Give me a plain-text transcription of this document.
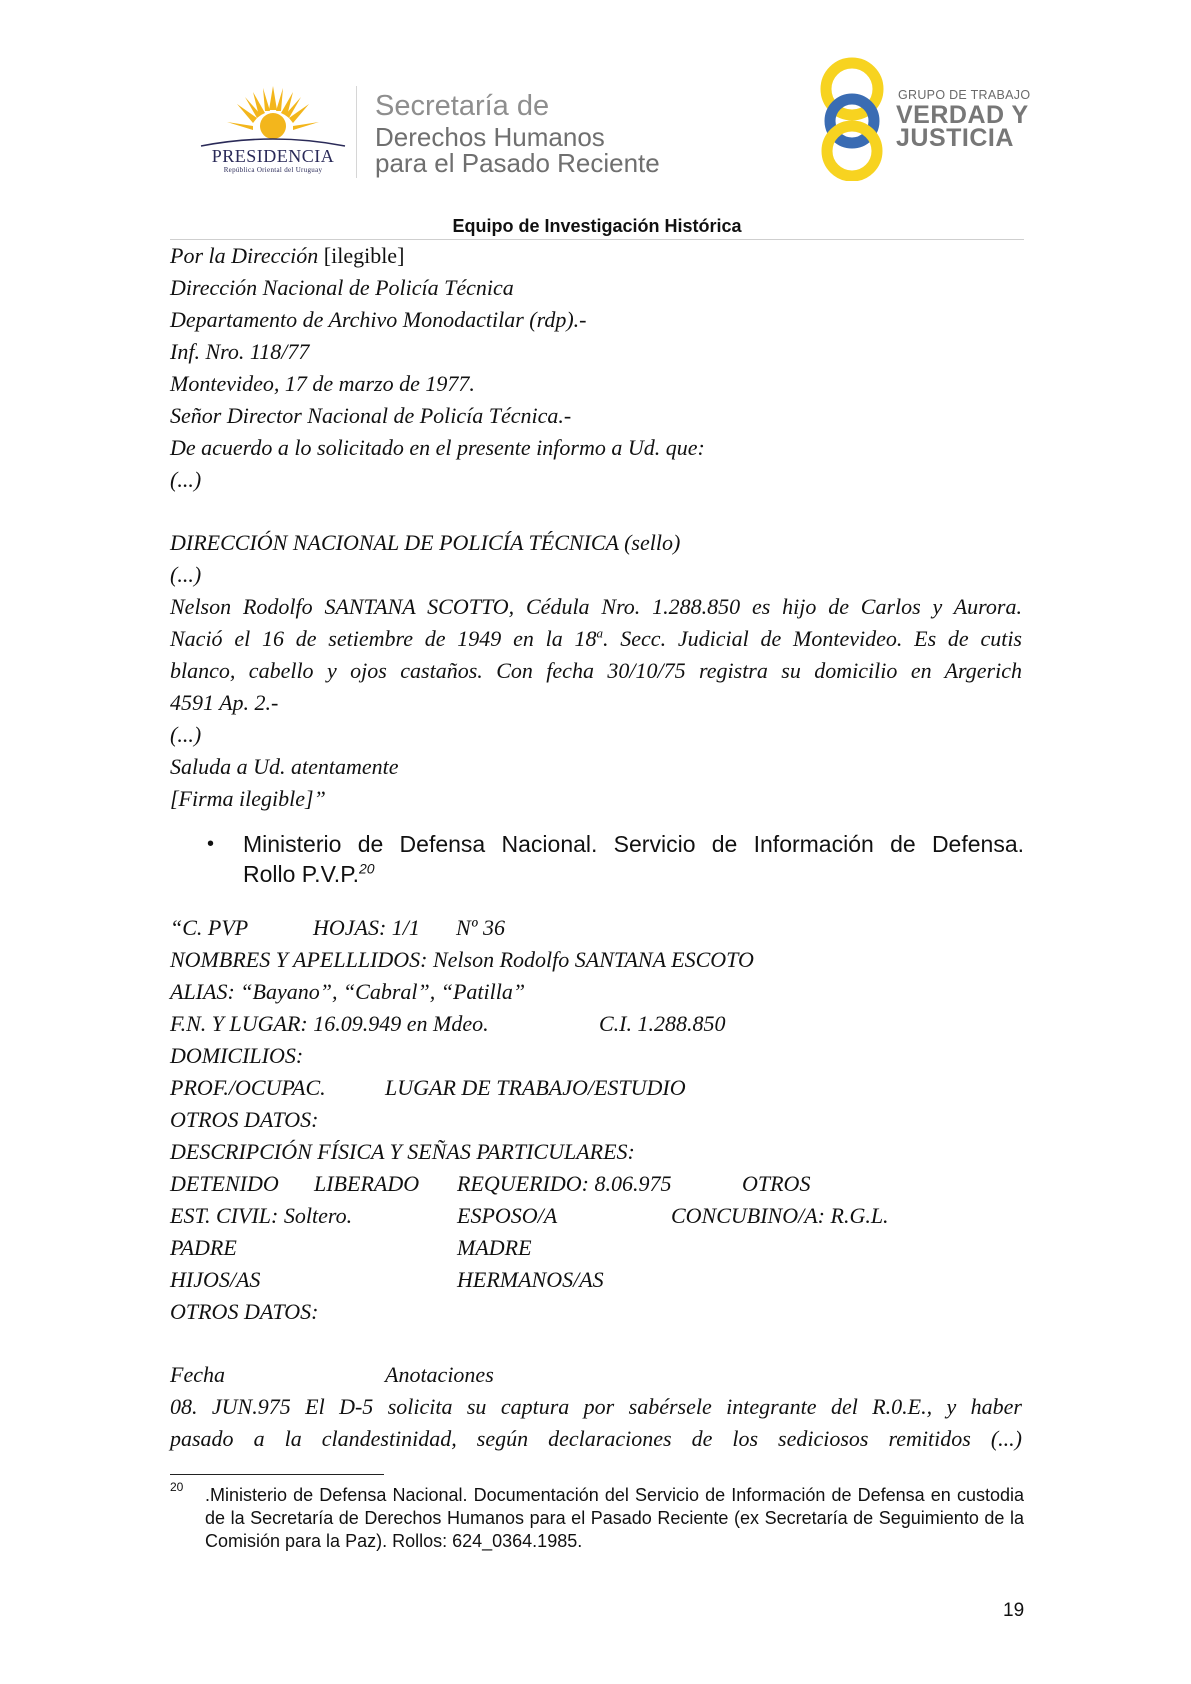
PRESIDENCIA
República Oriental del Uruguay
Secretaría de
Derechos Humanos
para el Pasado Reciente
GRUPO DE TRABAJO
VERDAD Y
JUSTICIA
Equipo de Investigación Histórica
Por la Dirección [ilegible]
Dirección Nacional de Policía Técnica
Departamento de Archivo Monodactilar (rdp).-
Inf. Nro. 118/77
Montevideo, 17 de marzo de 1977.
Señor Director Nacional de Policía Técnica.-
De acuerdo a lo solicitado en el presente informo a Ud. que:
(...)
DIRECCIÓN NACIONAL DE POLICÍA TÉCNICA (sello)
(...)
Nelson Rodolfo SANTANA SCOTTO, Cédula Nro. 1.288.850 es hijo de Carlos y Aurora.
Nació el 16 de setiembre de 1949 en la 18$^a$. Secc. Judicial de Montevideo. Es de cutis
blanco, cabello y ojos castaños. Con fecha 30/10/75 registra su domicilio en Argerich
4591 Ap. 2.-
(...)
Saluda a Ud. atentamente
[Firma ilegible]”
• Ministerio de Defensa Nacional. Servicio de Información de Defensa.
Rollo P.V.P.$^{20}$
“C. PVP	HOJAS: 1/1 Nº 36
NOMBRES Y APELLLIDOS: Nelson Rodolfo SANTANA ESCOTO
ALIAS: “Bayano”, “Cabral”, “Patilla”
F.N. Y LUGAR: 16.09.949 en Mdeo.	C.I. 1.288.850
DOMICILIOS:
PROF./OCUPAC.	LUGAR DE TRABAJO/ESTUDIO
OTROS DATOS:
DESCRIPCIÓN FÍSICA Y SEÑAS PARTICULARES:
DETENIDO LIBERADO REQUERIDO: 8.06.975	OTROS
EST. CIVIL: Soltero.	ESPOSO/A	CONCUBINO/A: R.G.L.
PADRE	MADRE
HIJOS/AS	HERMANOS/AS
OTROS DATOS:
Fecha	Anotaciones
08. JUN.975 El D-5 solicita su captura por sabérsele integrante del R.0.E., y haber
pasado a la clandestinidad, según declaraciones de los sediciosos remitidos (...)
20 .Ministerio de Defensa Nacional. Documentación del Servicio de Información de Defensa en custodia de la Secretaría de Derechos Humanos para el Pasado Reciente (ex Secretaría de Seguimiento de la Comisión para la Paz). Rollos: 624_0364.1985.
19
